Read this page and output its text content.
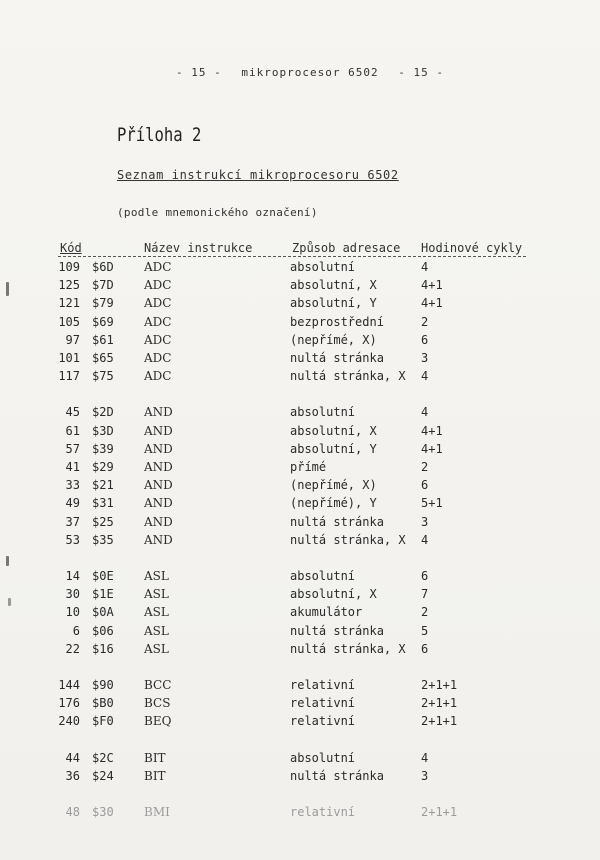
- 15 - mikroprocesor 6502 - 15 -
Příloha 2
Seznam instrukcí mikroprocesoru 6502
(podle mnemonického označení)
Kód	Název instrukce	Způsob adresace Hodinové cykly
109 $6D	ADC	absolutní	4
125 $7D	ADC	absolutní, X	4+1
121 $79	ADC	absolutní, Y	4+1
105 $69	ADC	bezprostřední	2
97 $61	ADC	(nepřímé, X)	6
101 $65	ADC	nultá stránka	3
117 $75	ADC	nultá stránka, X 4
45 $2D	AND	absolutní	4
61 $3D	AND	absolutní, X	4+1
57 $39	AND	absolutní, Y	4+1
41 $29	AND	přímé	2
33 $21	AND	(nepřímé, X)	6
49 $31	AND	(nepřímé), Y	5+1
37 $25	AND	nultá stránka	3
53 $35	AND	nultá stránka, X 4
14 $0E	ASL	absolutní	6
30 $1E	ASL	absolutní, X	7
10 $0A	ASL	akumulátor	2
6 $06	ASL	nultá stránka	5
22 $16	ASL	nultá stránka, X 6
144 $90	BCC	relativní	2+1+1
176 $B0	BCS	relativní	2+1+1
240 $F0	BEQ	relativní	2+1+1
44 $2C	BIT	absolutní	4
36 $24	BIT	nultá stránka	3
48 $30	BMI	relativní	2+1+1
